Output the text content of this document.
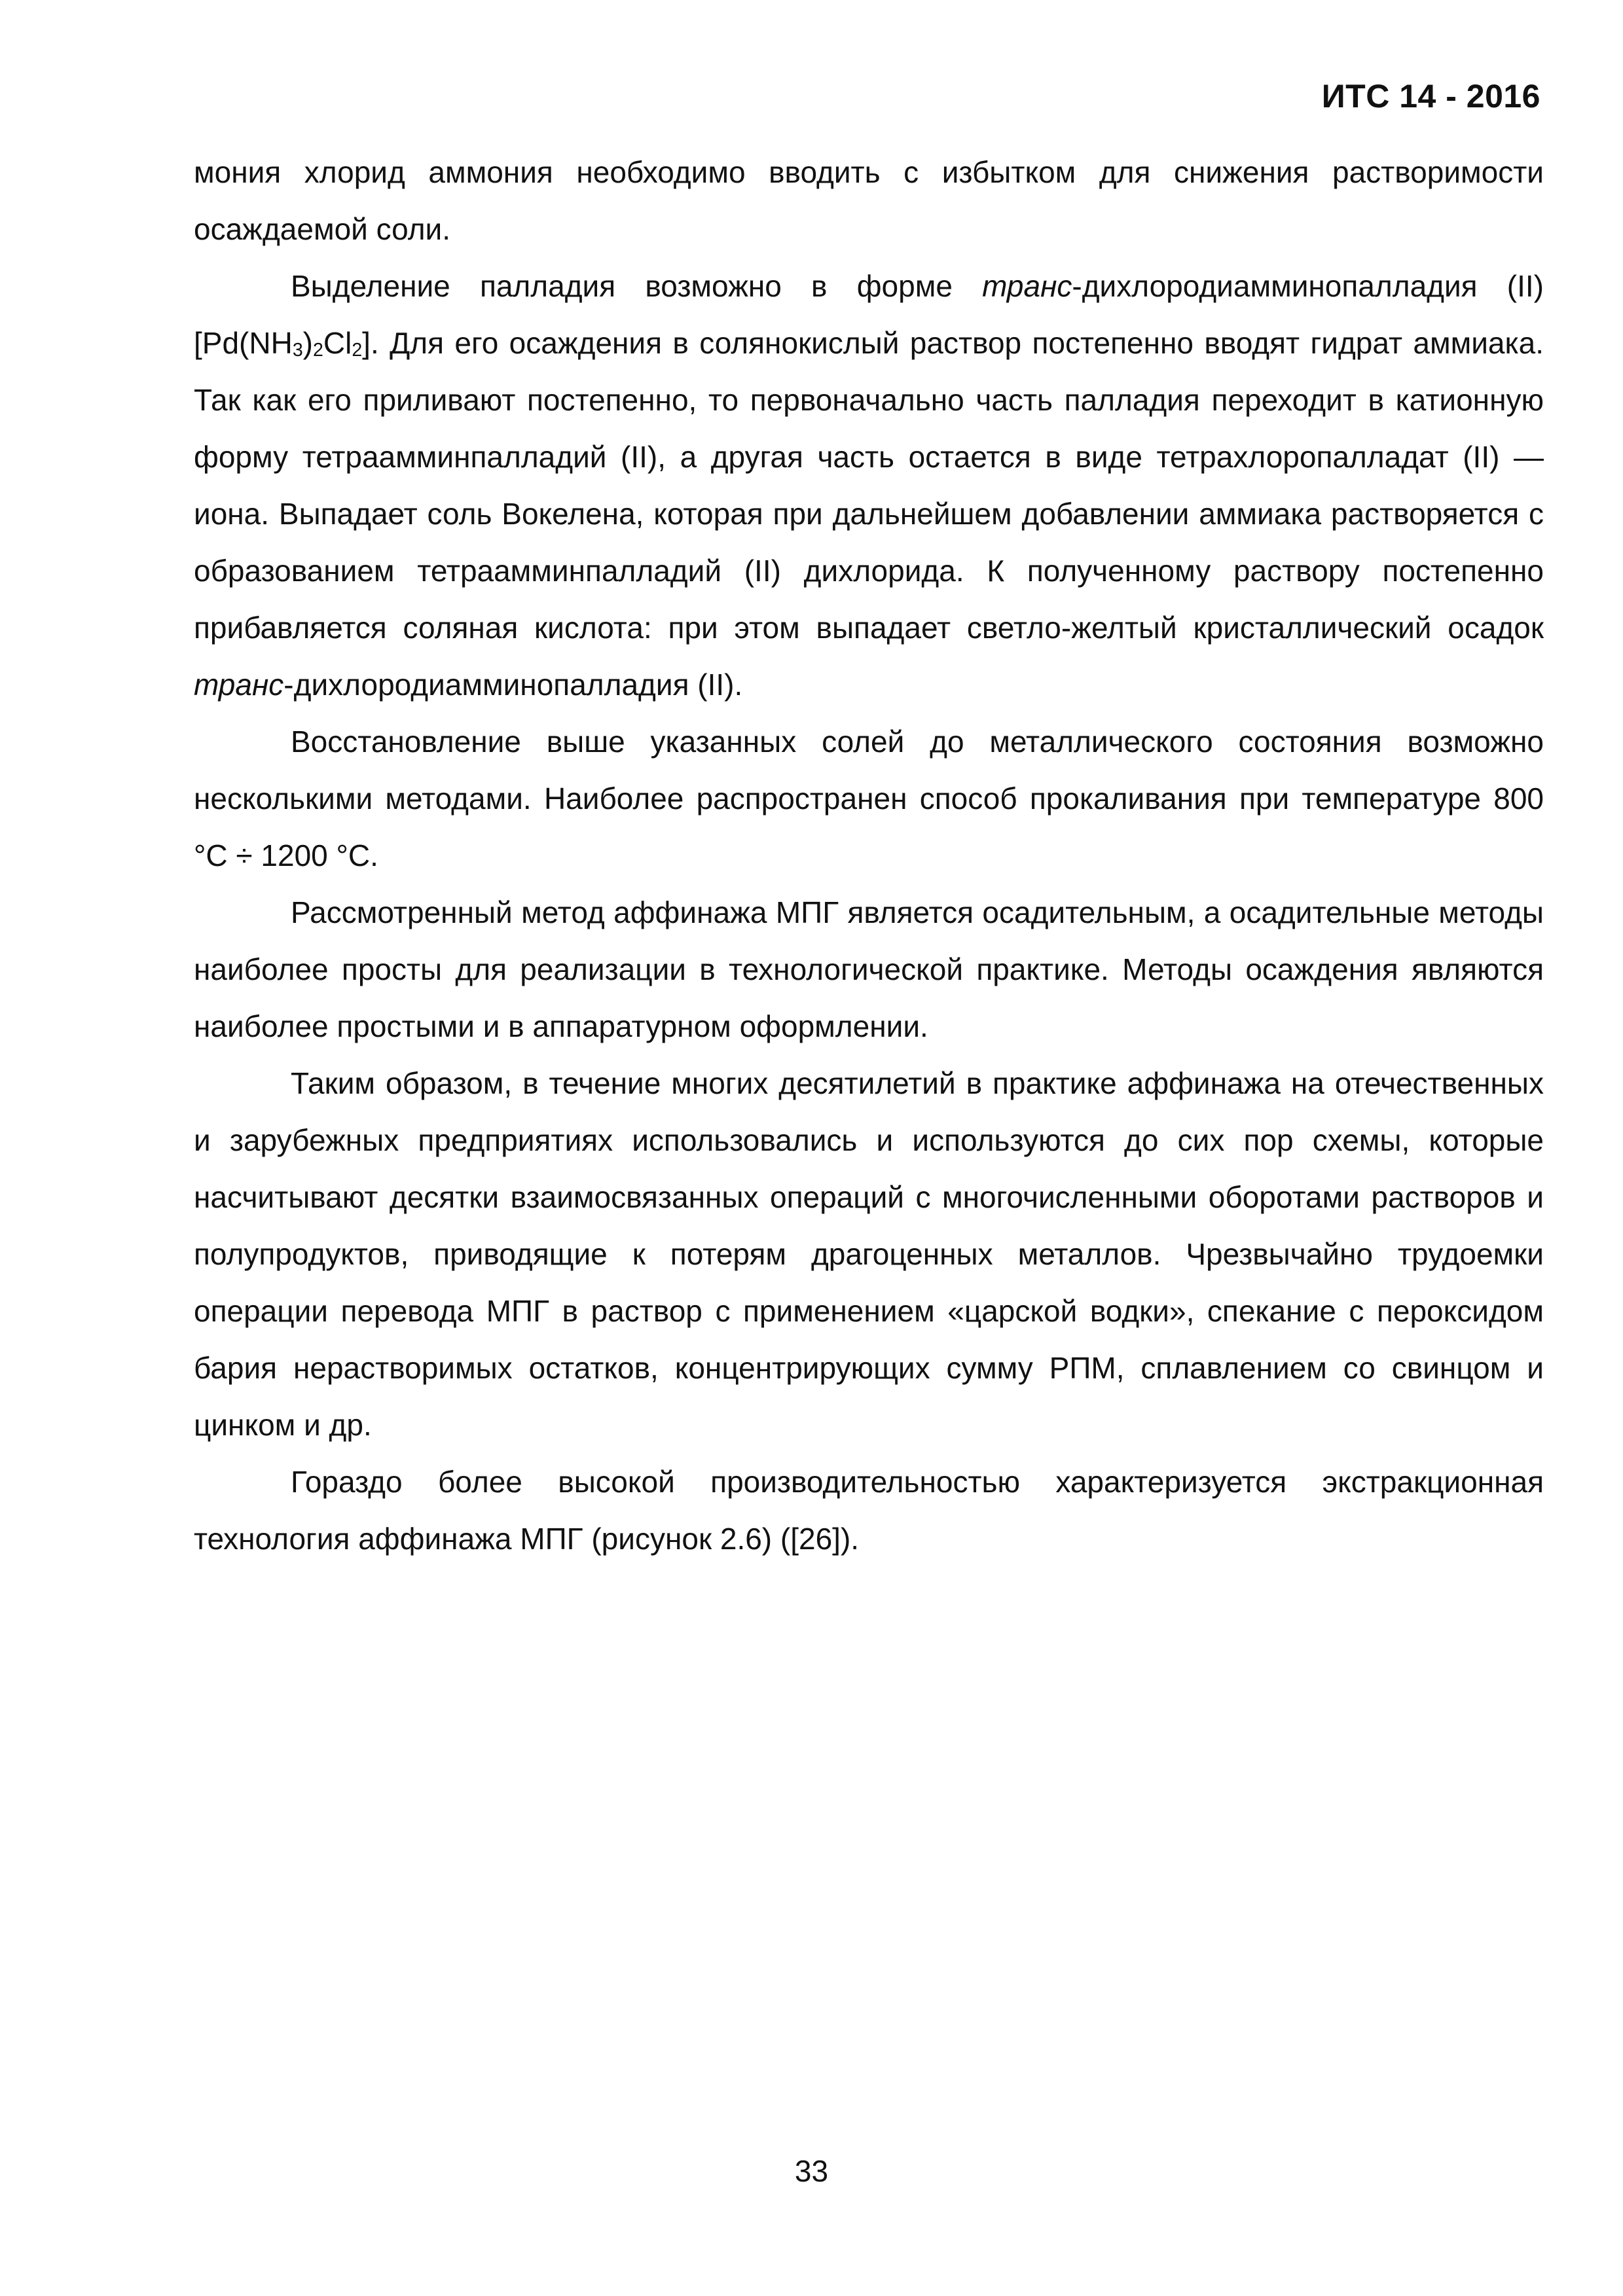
ИТС 14 - 2016

мония хлорид аммония необходимо вводить с избытком для снижения растворимости осаждаемой соли.

Выделение палладия возможно в форме транс-дихлородиамминопалладия (II) $[Pd(NH_3)_2Cl_2]$. Для его осаждения в солянокислый раствор постепенно вводят гидрат аммиака. Так как его приливают постепенно, то первоначально часть палладия переходит в катионную форму тетраамминпалладий (II), а другая часть остается в виде тетрахлоропалладат (II) — иона. Выпадает соль Вокелена, которая при дальнейшем добавлении аммиака растворяется с образованием тетраамминпалладий (II) дихлорида. К полученному раствору постепенно прибавляется соляная кислота: при этом выпадает светло-желтый кристаллический осадок транс-дихлородиамминопалладия (II).

Восстановление выше указанных солей до металлического состояния возможно несколькими методами. Наиболее распространен способ прокаливания при температуре 800 °C ÷ 1200 °C.

Рассмотренный метод аффинажа МПГ является осадительным, а осадительные методы наиболее просты для реализации в технологической практике. Методы осаждения являются наиболее простыми и в аппаратурном оформлении.

Таким образом, в течение многих десятилетий в практике аффинажа на отечественных и зарубежных предприятиях использовались и используются до сих пор схемы, которые насчитывают десятки взаимосвязанных операций с многочисленными оборотами растворов и полупродуктов, приводящие к потерям драгоценных металлов. Чрезвычайно трудоемки операции перевода МПГ в раствор с применением «царской водки», спекание с пероксидом бария нерастворимых остатков, концентрирующих сумму РПМ, сплавлением со свинцом и цинком и др.

Гораздо более высокой производительностью характеризуется экстракционная технология аффинажа МПГ (рисунок 2.6) ([26]).

33
